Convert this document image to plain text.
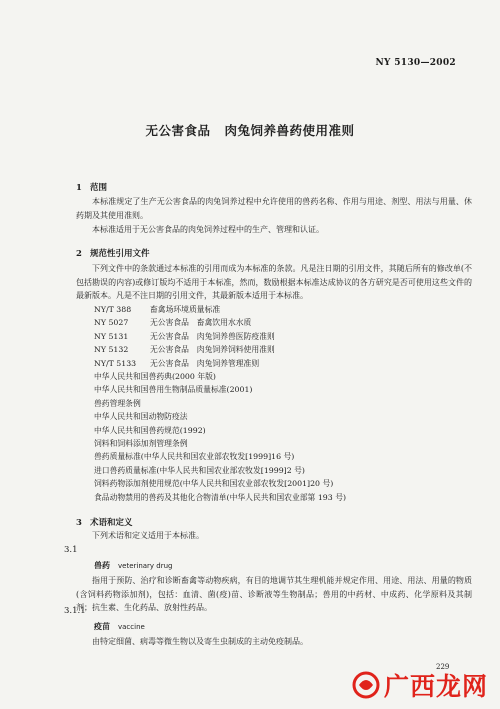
NY 5130—2002
无公害食品 肉兔饲养兽药使用准则
1 范围
本标准规定了生产无公害食品的肉兔饲养过程中允许使用的兽药名称、作用与用途、剂型、用法与用量、休药期及其使用准则。
本标准适用于无公害食品的肉兔饲养过程中的生产、管理和认证。
2 规范性引用文件
下列文件中的条款通过本标准的引用而成为本标准的条款。凡是注日期的引用文件，其随后所有的修改单(不包括勘误的内容)或修订版均不适用于本标准，然而，数励根据本标准达成协议的各方研究是否可使用这些文件的最新版本。凡是不注日期的引用文件，其最新版本适用于本标准。
NY/T 388 畜禽场环境质量标准
NY 5027	无公害食品　畜禽饮用水水质
NY 5131	无公害食品　肉兔饲养兽医防疫准则
NY 5132	无公害食品　肉兔饲养饲料使用准则
NY/T 5133 无公害食品　肉兔饲养管理准则
中华人民共和国兽药典(2000 年版)
中华人民共和国兽用生物制品质量标准(2001)
兽药管理条例
中华人民共和国动物防疫法
中华人民共和国兽药规范(1992)
饲料和饲料添加剂管理条例
兽药质量标准(中华人民共和国农业部农牧发[1999]16 号)
进口兽药质量标准(中华人民共和国农业部农牧发[1999]2 号)
饲料药物添加剂使用规范(中华人民共和国农业部农牧发[2001]20 号)
食品动物禁用的兽药及其他化合物清单(中华人民共和国农业部第 193 号)
3 术语和定义
下列术语和定义适用于本标准。
3.1
兽药 veterinary drug
指用于预防、治疗和诊断畜禽等动物疾病，有目的地调节其生理机能并规定作用、用途、用法、用量的物质(含饲料药物添加剂)，包括：血清、菌(疫)苗、诊断液等生物制品；兽用的中药材、中成药、化学原料及其制剂；抗生素、生化药品、放射性药品。
3.1.1
疫苗 vaccine
由特定细菌、病毒等微生物以及寄生虫制成的主动免疫制品。
229
广西龙网
